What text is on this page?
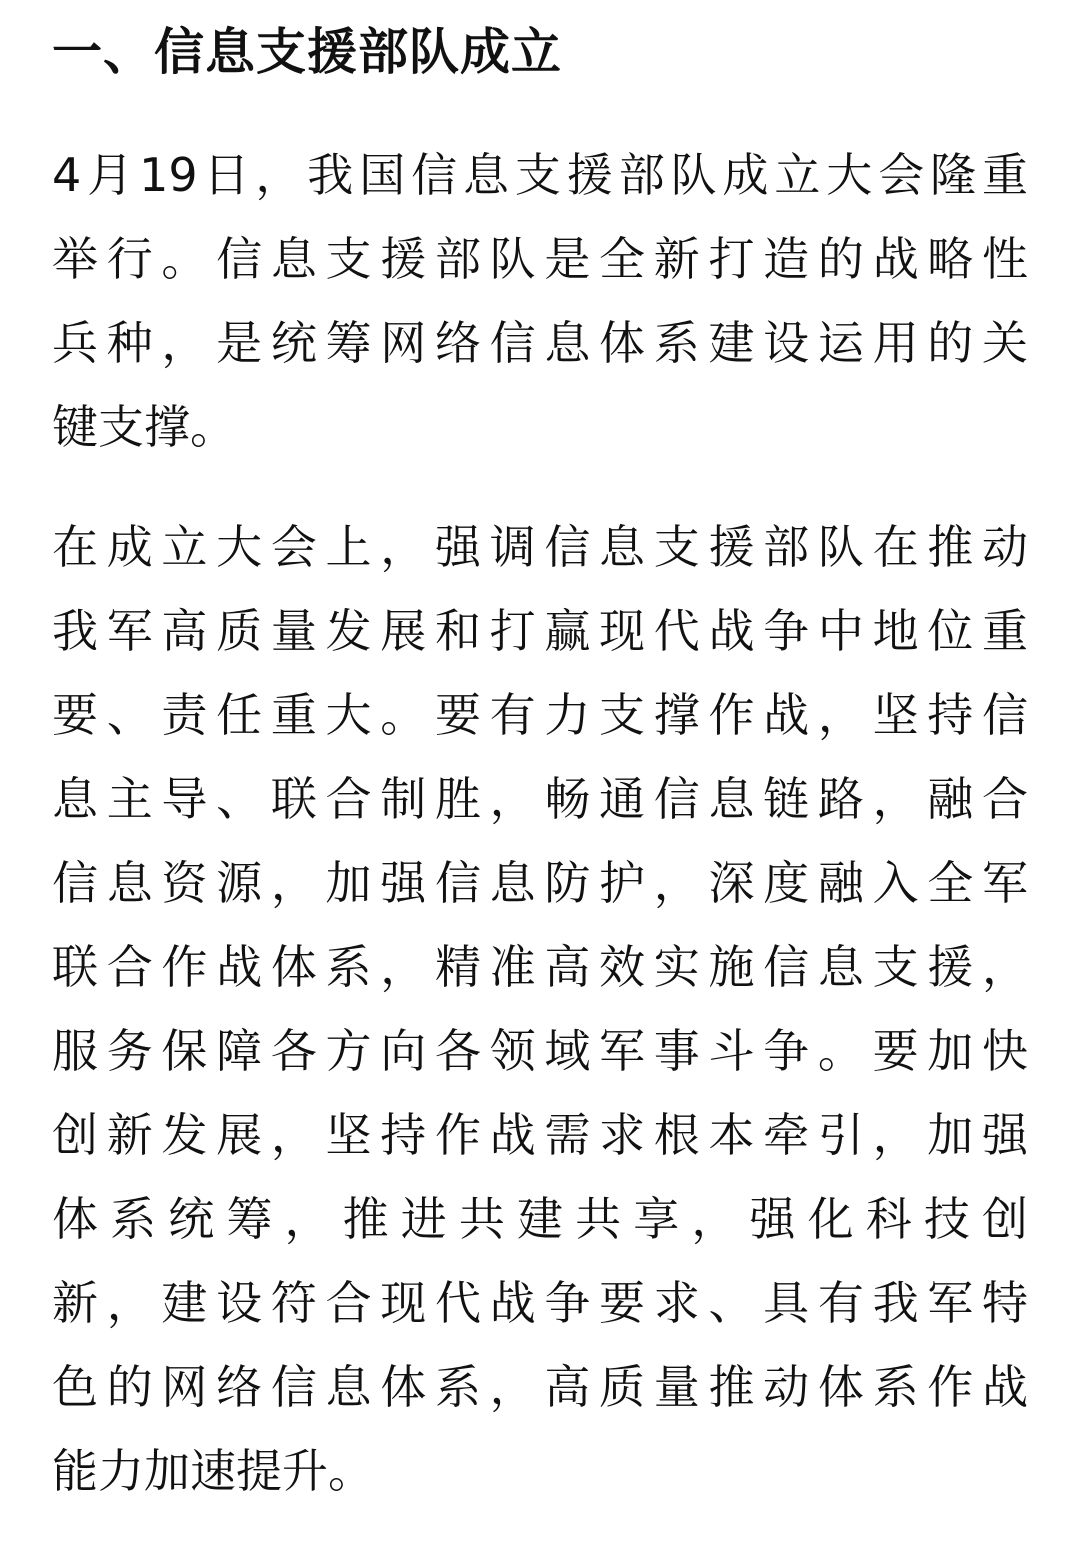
一、信息支援部队成立

4月19日，我国信息支援部队成立大会隆重
举行。信息支援部队是全新打造的战略性
兵种，是统筹网络信息体系建设运用的关
键支撑。

在成立大会上，强调信息支援部队在推动
我军高质量发展和打赢现代战争中地位重
要、责任重大。要有力支撑作战，坚持信
息主导、联合制胜，畅通信息链路，融合
信息资源，加强信息防护，深度融入全军
联合作战体系，精准高效实施信息支援，
服务保障各方向各领域军事斗争。要加快
创新发展，坚持作战需求根本牵引，加强
体系统筹，推进共建共享，强化科技创
新，建设符合现代战争要求、具有我军特
色的网络信息体系，高质量推动体系作战
能力加速提升。
